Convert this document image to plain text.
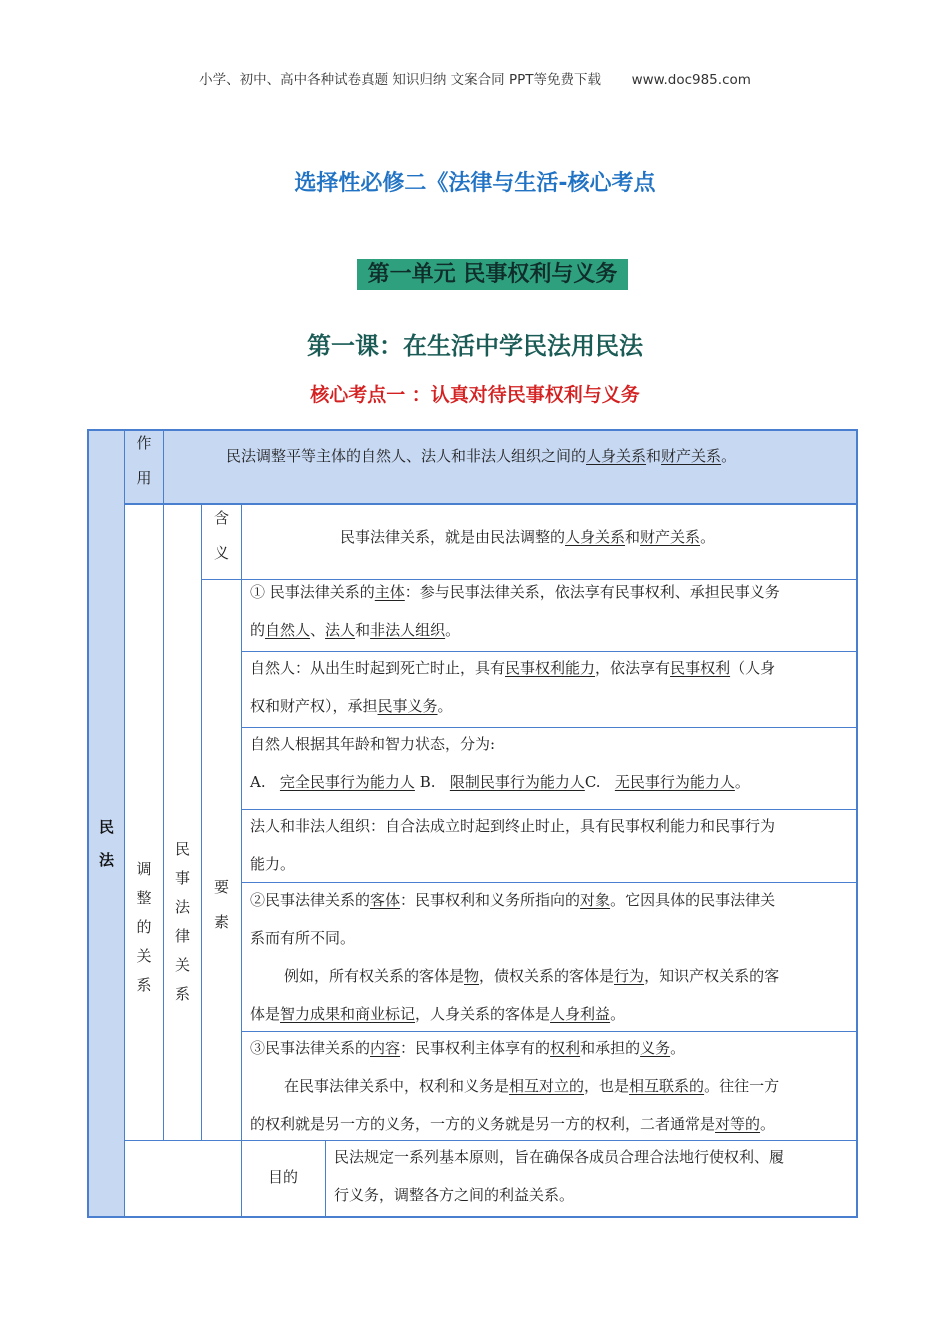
小学、初中、高中各种试卷真题 知识归纳 文案合同 PPT等免费下载 www.doc985.com
选择性必修二《法律与生活-核心考点
第一单元 民事权利与义务
第一课：在生活中学民法用民法
核心考点一 ：认真对待民事权利与义务
民
法
作
用
民法调整平等主体的自然人、法人和非法人组织之间的人身关系和财产关系。
调
整
的
关
系
民
事
法
律
关
系
含
义
民事法律关系，就是由民法调整的人身关系和财产关系。
要
素
① 民事法律关系的主体：参与民事法律关系，依法享有民事权利、承担民事义务
的自然人、法人和非法人组织。
自然人：从出生时起到死亡时止，具有民事权利能力，依法享有民事权利（人身
权和财产权），承担民事义务。
自然人根据其年龄和智力状态，分为:
A. 完全民事行为能力人 B. 限制民事行为能力人C. 无民事行为能力人。
法人和非法人组织：自合法成立时起到终止时止，具有民事权利能力和民事行为
能力。
②民事法律关系的客体：民事权利和义务所指向的对象。它因具体的民事法律关
系而有所不同。
例如，所有权关系的客体是物，债权关系的客体是行为，知识产权关系的客
体是智力成果和商业标记，人身关系的客体是人身利益。
③民事法律关系的内容：民事权利主体享有的权利和承担的义务。
在民事法律关系中，权利和义务是相互对立的，也是相互联系的。往往一方
的权利就是另一方的义务，一方的义务就是另一方的权利，二者通常是对等的。
目的
民法规定一系列基本原则，旨在确保各成员合理合法地行使权利、履
行义务，调整各方之间的利益关系。
